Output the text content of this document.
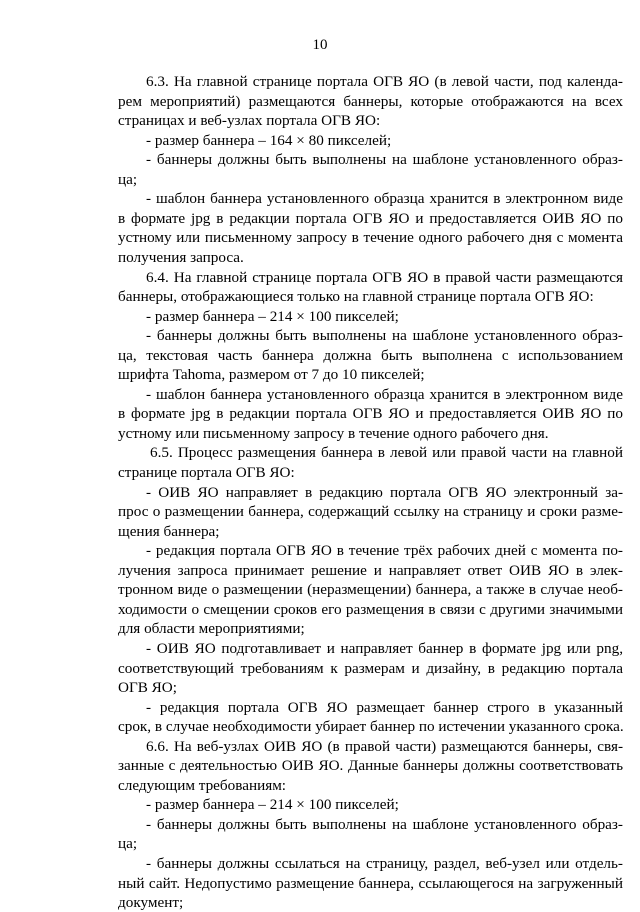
10
6.3. На главной странице портала ОГВ ЯО (в левой части, под календа-
рем мероприятий) размещаются баннеры, которые отображаются на всех
страницах и веб-узлах портала ОГВ ЯО:
- размер баннера – 164 × 80 пикселей;
- баннеры должны быть выполнены на шаблоне установленного образ-
ца;
- шаблон баннера установленного образца хранится в электронном виде
в формате jpg в редакции портала ОГВ ЯО и предоставляется ОИВ ЯО по
устному или письменному запросу в течение одного рабочего дня с момента
получения запроса.
6.4. На главной странице портала ОГВ ЯО в правой части размещаются
баннеры, отображающиеся только на главной странице портала ОГВ ЯО:
- размер баннера – 214 × 100 пикселей;
- баннеры должны быть выполнены на шаблоне установленного образ-
ца, текстовая часть баннера должна быть выполнена с использованием
шрифта Tahoma, размером от 7 до 10 пикселей;
- шаблон баннера установленного образца хранится в электронном виде
в формате jpg в редакции портала ОГВ ЯО и предоставляется ОИВ ЯО по
устному или письменному запросу в течение одного рабочего дня.
6.5. Процесс размещения баннера в левой или правой части на главной
странице портала ОГВ ЯО:
- ОИВ ЯО направляет в редакцию портала ОГВ ЯО электронный за-
прос о размещении баннера, содержащий ссылку на страницу и сроки разме-
щения баннера;
- редакция портала ОГВ ЯО в течение трёх рабочих дней с момента по-
лучения запроса принимает решение и направляет ответ ОИВ ЯО в элек-
тронном виде о размещении (неразмещении) баннера, а также в случае необ-
ходимости о смещении сроков его размещения в связи с другими значимыми
для области мероприятиями;
- ОИВ ЯО подготавливает и направляет баннер в формате jpg или png,
соответствующий требованиям к размерам и дизайну, в редакцию портала
ОГВ ЯО;
- редакция портала ОГВ ЯО размещает баннер строго в указанный
срок, в случае необходимости убирает баннер по истечении указанного срока.
6.6. На веб-узлах ОИВ ЯО (в правой части) размещаются баннеры, свя-
занные с деятельностью ОИВ ЯО. Данные баннеры должны соответствовать
следующим требованиям:
- размер баннера – 214 × 100 пикселей;
- баннеры должны быть выполнены на шаблоне установленного образ-
ца;
- баннеры должны ссылаться на страницу, раздел, веб-узел или отдель-
ный сайт. Недопустимо размещение баннера, ссылающегося на загруженный
документ;
